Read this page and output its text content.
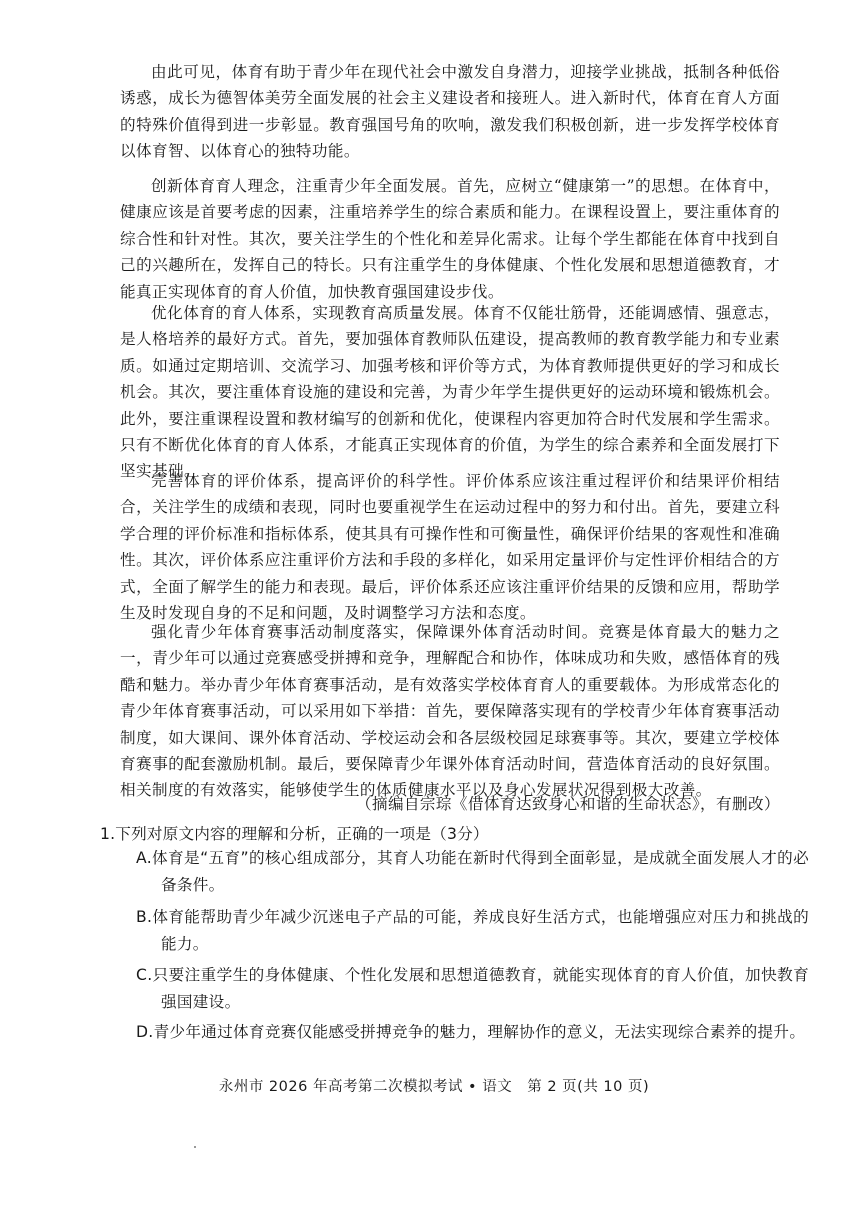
由此可见，体育有助于青少年在现代社会中激发自身潜力，迎接学业挑战，抵制各种低俗诱惑，成长为德智体美劳全面发展的社会主义建设者和接班人。进入新时代，体育在育人方面的特殊价值得到进一步彰显。教育强国号角的吹响，激发我们积极创新，进一步发挥学校体育以体育智、以体育心的独特功能。

创新体育育人理念，注重青少年全面发展。首先，应树立“健康第一”的思想。在体育中，健康应该是首要考虑的因素，注重培养学生的综合素质和能力。在课程设置上，要注重体育的综合性和针对性。其次，要关注学生的个性化和差异化需求。让每个学生都能在体育中找到自己的兴趣所在，发挥自己的特长。只有注重学生的身体健康、个性化发展和思想道德教育，才能真正实现体育的育人价值，加快教育强国建设步伐。

优化体育的育人体系，实现教育高质量发展。体育不仅能壮筋骨，还能调感情、强意志，是人格培养的最好方式。首先，要加强体育教师队伍建设，提高教师的教育教学能力和专业素质。如通过定期培训、交流学习、加强考核和评价等方式，为体育教师提供更好的学习和成长机会。其次，要注重体育设施的建设和完善，为青少年学生提供更好的运动环境和锻炼机会。此外，要注重课程设置和教材编写的创新和优化，使课程内容更加符合时代发展和学生需求。只有不断优化体育的育人体系，才能真正实现体育的价值，为学生的综合素养和全面发展打下坚实基础。

完善体育的评价体系，提高评价的科学性。评价体系应该注重过程评价和结果评价相结合，关注学生的成绩和表现，同时也要重视学生在运动过程中的努力和付出。首先，要建立科学合理的评价标准和指标体系，使其具有可操作性和可衡量性，确保评价结果的客观性和准确性。其次，评价体系应注重评价方法和手段的多样化，如采用定量评价与定性评价相结合的方式，全面了解学生的能力和表现。最后，评价体系还应该注重评价结果的反馈和应用，帮助学生及时发现自身的不足和问题，及时调整学习方法和态度。

强化青少年体育赛事活动制度落实，保障课外体育活动时间。竞赛是体育最大的魅力之一，青少年可以通过竞赛感受拼搏和竞争，理解配合和协作，体味成功和失败，感悟体育的残酷和魅力。举办青少年体育赛事活动，是有效落实学校体育育人的重要载体。为形成常态化的青少年体育赛事活动，可以采用如下举措：首先，要保障落实现有的学校青少年体育赛事活动制度，如大课间、课外体育活动、学校运动会和各层级校园足球赛事等。其次，要建立学校体育赛事的配套激励机制。最后，要保障青少年课外体育活动时间，营造体育活动的良好氛围。相关制度的有效落实，能够使学生的体质健康水平以及身心发展状况得到极大改善。

（摘编自宗琮《借体育达致身心和谐的生命状态》，有删改）

1.下列对原文内容的理解和分析，正确的一项是（3分）

A.体育是“五育”的核心组成部分，其育人功能在新时代得到全面彰显，是成就全面发展人才的必备条件。

B.体育能帮助青少年减少沉迷电子产品的可能，养成良好生活方式，也能增强应对压力和挑战的能力。

C.只要注重学生的身体健康、个性化发展和思想道德教育，就能实现体育的育人价值，加快教育强国建设。

D.青少年通过体育竞赛仅能感受拼搏竞争的魅力，理解协作的意义，无法实现综合素养的提升。

永州市 2026 年高考第二次模拟考试 • 语文　第 2 页(共 10 页)
